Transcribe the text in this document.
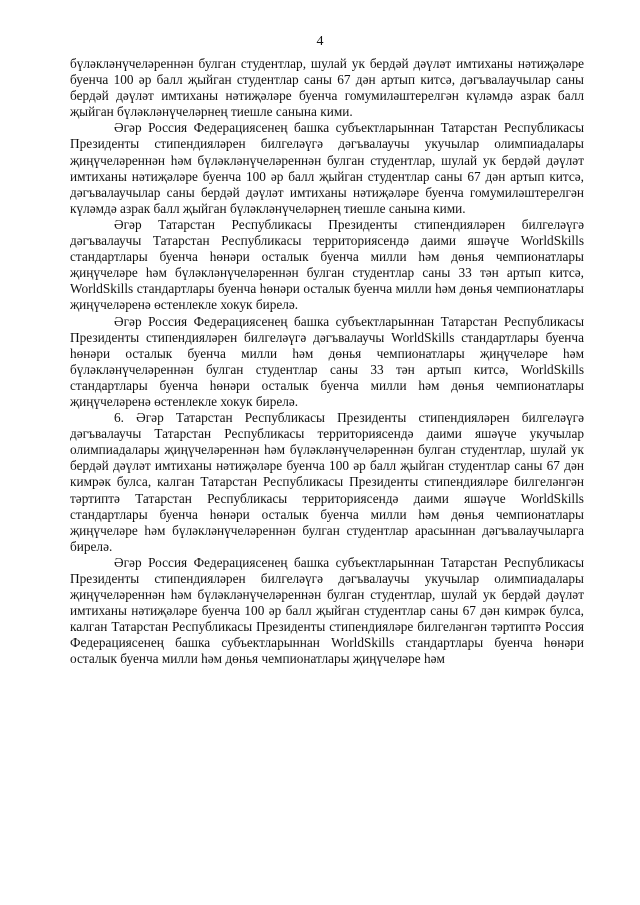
4

бүләкләнүчеләреннән булган студентлар, шулай ук бердәй дәүләт имтиханы нәтиҗәләре буенча 100 әр балл җыйган студентлар саны 67 дән артып китсә, дәгъвалаучылар саны бердәй дәүләт имтиханы нәтиҗәләре буенча гомумиләштерелгән күләмдә азрак балл җыйган бүләкләнүчеләрнең тиешле санына кими.

Әгәр Россия Федерациясенең башка субъектларыннан Татарстан Республикасы Президенты стипендияләрен билгеләүгә дәгъвалаучы укучылар олимпиадалары җиңүчеләреннән һәм бүләкләнүчеләреннән булган студентлар, шулай ук бердәй дәүләт имтиханы нәтиҗәләре буенча 100 әр балл җыйган студентлар саны 67 дән артып китсә, дәгъвалаучылар саны бердәй дәүләт имтиханы нәтиҗәләре буенча гомумиләштерелгән күләмдә азрак балл җыйган бүләкләнүчеләрнең тиешле санына кими.

Әгәр Татарстан Республикасы Президенты стипендияләрен билгеләүгә дәгъвалаучы Татарстан Республикасы территориясендә даими яшәүче WorldSkills стандартлары буенча һөнәри осталык буенча милли һәм дөнья чемпионатлары җиңүчеләре һәм бүләкләнүчеләреннән булган студентлар саны 33 тән артып китсә, WorldSkills стандартлары буенча һөнәри осталык буенча милли һәм дөнья чемпионатлары җиңүчеләренә өстенлекле хокук бирелә.

Әгәр Россия Федерациясенең башка субъектларыннан Татарстан Республикасы Президенты стипендияләрен билгеләүгә дәгъвалаучы WorldSkills стандартлары буенча һөнәри осталык буенча милли һәм дөнья чемпионатлары җиңүчеләре һәм бүләкләнүчеләреннән булган студентлар саны 33 тән артып китсә, WorldSkills стандартлары буенча һөнәри осталык буенча милли һәм дөнья чемпионатлары җиңүчеләренә өстенлекле хокук бирелә.

6. Әгәр Татарстан Республикасы Президенты стипендияләрен билгеләүгә дәгъвалаучы Татарстан Республикасы территориясендә даими яшәүче укучылар олимпиадалары җиңүчеләреннән һәм бүләкләнүчеләреннән булган студентлар, шулай ук бердәй дәүләт имтиханы нәтиҗәләре буенча 100 әр балл җыйган студентлар саны 67 дән кимрәк булса, калган Татарстан Республикасы Президенты стипендияләре билгеләнгән тәртиптә Татарстан Республикасы территориясендә даими яшәүче WorldSkills стандартлары буенча һөнәри осталык буенча милли һәм дөнья чемпионатлары җиңүчеләре һәм бүләкләнүчеләреннән булган студентлар арасыннан дәгъвалаучыларга бирелә.

Әгәр Россия Федерациясенең башка субъектларыннан Татарстан Республикасы Президенты стипендияләрен билгеләүгә дәгъвалаучы укучылар олимпиадалары җиңүчеләреннән һәм бүләкләнүчеләреннән булган студентлар, шулай ук бердәй дәүләт имтиханы нәтиҗәләре буенча 100 әр балл җыйган студентлар саны 67 дән кимрәк булса, калган Татарстан Республикасы Президенты стипендияләре билгеләнгән тәртиптә Россия Федерациясенең башка субъектларыннан WorldSkills стандартлары буенча һөнәри осталык буенча милли һәм дөнья чемпионатлары җиңүчеләре һәм
